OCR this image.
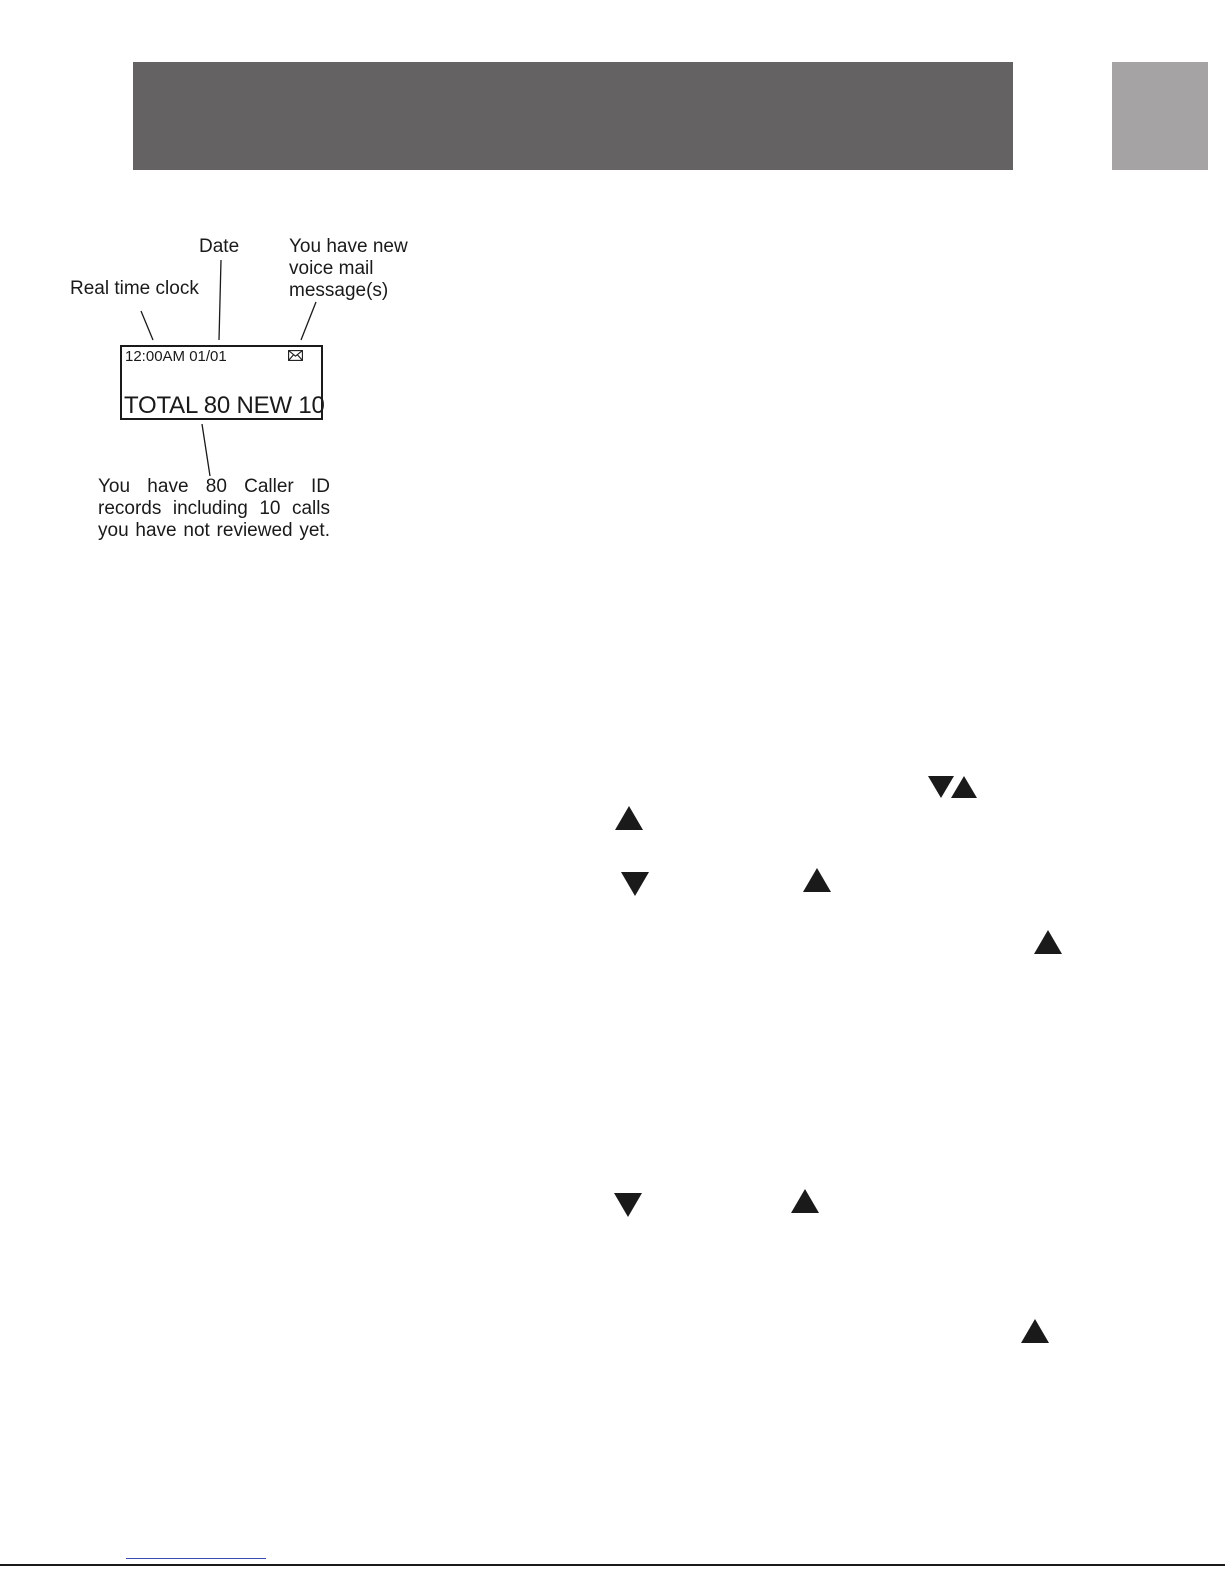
Real time clock
Date	You have new
voice mail
message(s)
12:00AM 01/01
TOTAL 80 NEW 10
You have 80 Caller ID
records including 10 calls
you have not reviewed yet.
